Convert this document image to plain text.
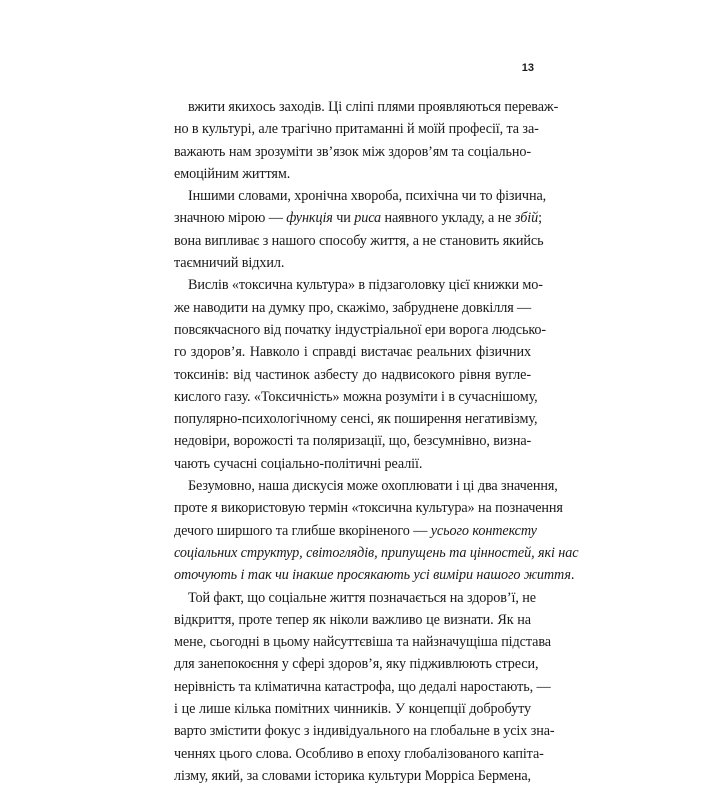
13
вжити якихось заходів. Ці сліпі плями проявляються переваж-
но в культурі, але трагічно притаманні й моїй професії, та за-
важають нам зрозуміти зв’язок між здоров’ям та соціально-
емоційним життям.
Іншими словами, хронічна хвороба, психічна чи то фізична,
значною мірою — функція чи риса наявного укладу, а не збій;
вона випливає з нашого способу життя, а не становить якийсь
таємничий відхил.
Вислів «токсична культура» в підзаголовку цієї книжки мо-
же наводити на думку про, скажімо, забруднене довкілля —
повсякчасного від початку індустріальної ери ворога людсько-
го здоров’я. Навколо і справді вистачає реальних фізичних
токсинів: від частинок азбесту до надвисокого рівня вугле-
кислого газу. «Токсичність» можна розуміти і в сучаснішому,
популярно-психологічному сенсі, як поширення негативізму,
недовіри, ворожості та поляризації, що, безсумнівно, визна-
чають сучасні соціально-політичні реалії.
Безумовно, наша дискусія може охоплювати і ці два значення,
проте я використовую термін «токсична культура» на позначення
дечого ширшого та глибше вкоріненого — усього контексту
соціальних структур, світоглядів, припущень та цінностей, які нас
оточують і так чи інакше просякають усі виміри нашого життя.
Той факт, що соціальне життя позначається на здоров’ї, не
відкриття, проте тепер як ніколи важливо це визнати. Як на
мене, сьогодні в цьому найсуттєвіша та найзначущіша підстава
для занепокоєння у сфері здоров’я, яку підживлюють стреси,
нерівність та кліматична катастрофа, що дедалі наростають, —
і це лише кілька помітних чинників. У концепції добробуту
варто змістити фокус з індивідуального на глобальне в усіх зна-
ченнях цього слова. Особливо в епоху глобалізованого капіта-
лізму, який, за словами історика культури Морріса Бермена,
